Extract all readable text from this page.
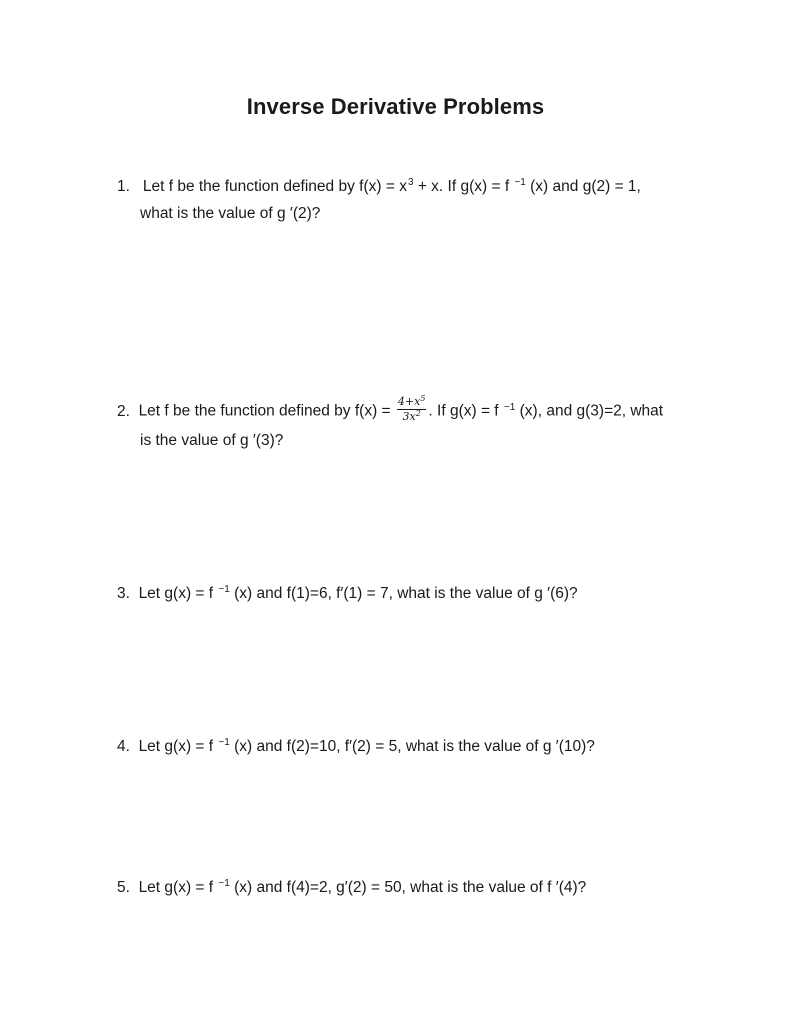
Inverse Derivative Problems
1. Let f be the function defined by $f(x) = x^3 + x$. If g(x) = f $^{-1}$ (x) and g(2) = 1,
what is the value of g ′(2)?
2. Let f be the function defined by $f(x) = \frac{4+x^5}{3x^2}$ . If g(x) = f $^{-1}$ (x), and g(3)=2, what
is the value of g ′(3)?
3. Let g(x) = f $^{-1}$ (x) and f(1)=6, f′(1) = 7, what is the value of g ′(6)?
4. Let g(x) = f $^{-1}$ (x) and f(2)=10, f′(2) = 5, what is the value of g ′(10)?
5. Let g(x) = f $^{-1}$ (x) and f(4)=2, g′(2) = 50, what is the value of f ′(4)?
